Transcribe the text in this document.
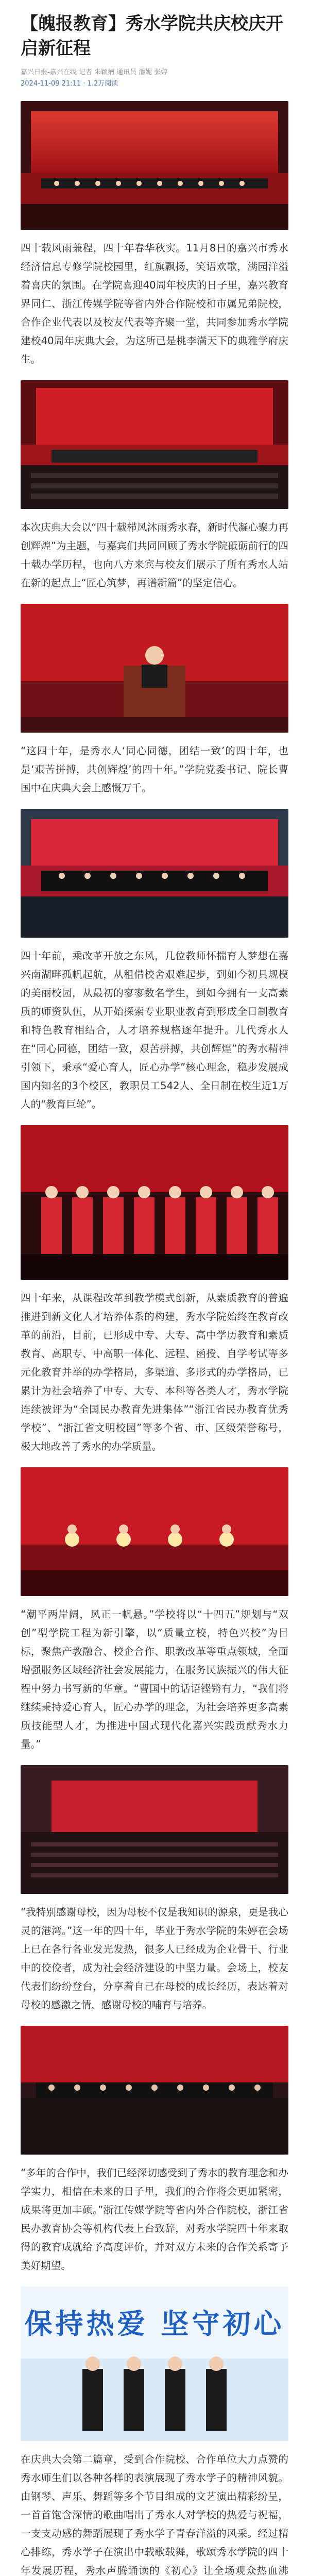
【魄报教育】秀水学院共庆校庆开启新征程
嘉兴日报-嘉兴在线 记者 朱颖楠 通讯员 潘妮 张婷
2024-11-09 21:11 · 1.2万阅读

四十载风雨兼程，四十年春华秋实。11月8日的嘉兴市秀水经济信息专修学院校园里，红旗飘扬，笑语欢歌，满园洋溢着喜庆的氛围。在学院喜迎40周年校庆的日子里，嘉兴教育界同仁、浙江传媒学院等省内外合作院校和市属兄弟院校，合作企业代表以及校友代表等齐聚一堂，共同参加秀水学院建校40周年庆典大会，为这所已是桃李满天下的典雅学府庆生。

本次庆典大会以“四十载栉风沐雨秀水春，新时代凝心聚力再创辉煌”为主题，与嘉宾们共同回顾了秀水学院砥砺前行的四十载办学历程，也向八方来宾与校友们展示了所有秀水人站在新的起点上“匠心筑梦，再谱新篇”的坚定信心。

“这四十年，是秀水人‘同心同德，团结一致’的四十年，也是‘艰苦拼搏，共创辉煌’的四十年。”学院党委书记、院长曹国中在庆典大会上感慨万千。

四十年前，乘改革开放之东风，几位教师怀揣育人梦想在嘉兴南湖畔孤帆起航，从租借校舍艰难起步，到如今初具规模的美丽校园，从最初的寥寥数名学生，到如今拥有一支高素质的师资队伍，从开始探索专业职业教育到形成全日制教育和特色教育相结合，人才培养规格逐年提升。几代秀水人在“同心同德，团结一致，艰苦拼搏，共创辉煌”的秀水精神引领下，秉承“爱心育人，匠心办学”核心理念，稳步发展成国内知名的3个校区，教职员工542人、全日制在校生近1万人的“教育巨轮”。

四十年来，从课程改革到教学模式创新，从素质教育的普遍推进到新文化人才培养体系的构建，秀水学院始终在教育改革的前沿，目前，已形成中专、大专、高中学历教育和素质教育、高职专、中高职一体化、远程、函授、自学考试等多元化教育并举的办学格局，多渠道、多形式的办学格局，已累计为社会培养了中专、大专、本科等各类人才，秀水学院连续被评为“全国民办教育先进集体”“浙江省民办教育优秀学校”、“浙江省文明校园”等多个省、市、区级荣誉称号，极大地改善了秀水的办学质量。

“潮平两岸阔，风正一帆悬。”学校将以“十四五”规划与“双创”型学院工程为新引擎，以“质量立校，特色兴校”为目标，聚焦产教融合、校企合作、职教改革等重点领域，全面增强服务区域经济社会发展能力，在服务民族振兴的伟大征程中努力书写新的华章。“曹国中的话语铿锵有力，“我们将继续秉持爱心育人，匠心办学的理念，为社会培养更多高素质技能型人才，为推进中国式现代化嘉兴实践贡献秀水力量。”

“我特别感谢母校，因为母校不仅是我知识的源泉，更是我心灵的港湾。”这一年的四十年，毕业于秀水学院的朱婷在会场上已在各行各业发光发热，很多人已经成为企业骨干、行业中的佼佼者，成为社会经济建设的中坚力量。会场上，校友代表们纷纷登台，分享着自己在母校的成长经历，表达着对母校的感激之情，感谢母校的哺育与培养。

“多年的合作中，我们已经深切感受到了秀水的教育理念和办学实力，相信在未来的日子里，我们的合作将会更加紧密，成果将更加丰硕。”浙江传媒学院等省内外合作院校，浙江省民办教育协会等机构代表上台致辞，对秀水学院四十年来取得的教育成就给予高度评价，并对双方未来的合作关系寄予美好期望。

保持热爱 坚守初心

在庆典大会第二篇章，受到合作院校、合作单位大力点赞的秀水师生们以各种各样的表演展现了秀水学子的精神风貌。由钢琴、声乐、舞蹈等多个节目组成的文艺演出精彩纷呈，一首首饱含深情的歌曲唱出了秀水人对学校的热爱与祝福，一支支动感的舞蹈展现了秀水学子青春洋溢的风采。经过精心排练，秀水学子在演出中载歌载舞，歌颂秀水学院的四十年发展历程，秀水声腾诵读的《初心》让全场观众热血沸
